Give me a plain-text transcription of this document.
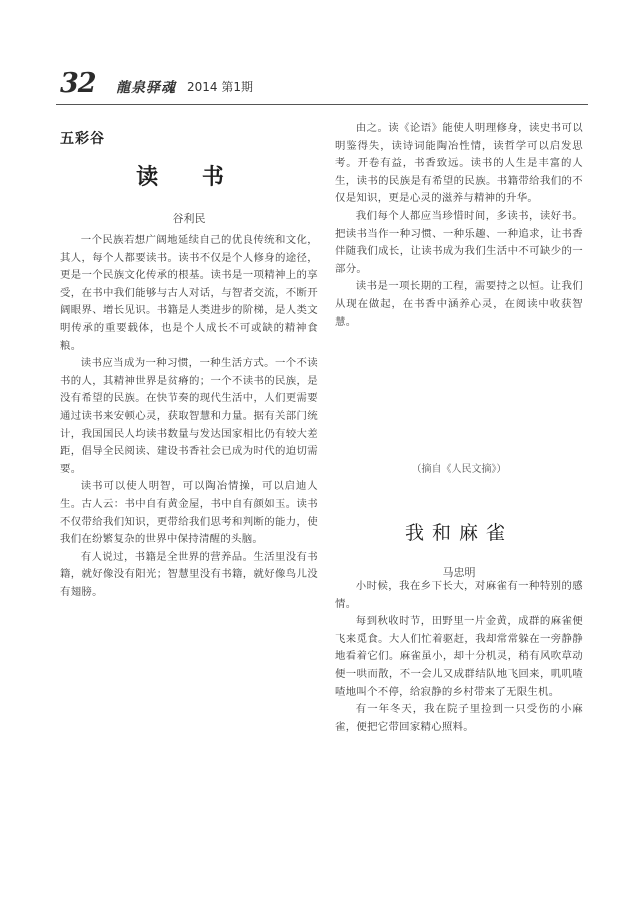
32 龍泉驿魂 2014 第1期
五彩谷
读 书
谷利民

一个民族若想广阔地延续自己的优良传统和文化，其人，每个人都要读书。读书不仅是个人修身的途径，更是一个民族文化传承的根基。读书是一项精神上的享受，在书中我们能够与古人对话，与智者交流，不断开阔眼界、增长见识。书籍是人类进步的阶梯，是人类文明传承的重要载体，也是个人成长不可或缺的精神食粮。

读书应当成为一种习惯，一种生活方式。一个不读书的人，其精神世界是贫瘠的；一个不读书的民族，是没有希望的民族。在快节奏的现代生活中，人们更需要通过读书来安顿心灵，获取智慧和力量。据有关部门统计，我国国民人均读书数量与发达国家相比仍有较大差距，倡导全民阅读、建设书香社会已成为时代的迫切需要。

读书可以使人明智，可以陶冶情操，可以启迪人生。古人云：书中自有黄金屋，书中自有颜如玉。读书不仅带给我们知识，更带给我们思考和判断的能力，使我们在纷繁复杂的世界中保持清醒的头脑。

有人说过，书籍是全世界的营养品。生活里没有书籍，就好像没有阳光；智慧里没有书籍，就好像鸟儿没有翅膀。

由之。读《论语》能使人明理修身，读史书可以明鉴得失，读诗词能陶冶性情，读哲学可以启发思考。开卷有益，书香致远。读书的人生是丰富的人生，读书的民族是有希望的民族。书籍带给我们的不仅是知识，更是心灵的滋养与精神的升华。

我们每个人都应当珍惜时间，多读书，读好书。把读书当作一种习惯、一种乐趣、一种追求，让书香伴随我们成长，让读书成为我们生活中不可缺少的一部分。

读书是一项长期的工程，需要持之以恒。让我们从现在做起，在书香中涵养心灵，在阅读中收获智慧。

（摘自《人民文摘》）
我和麻雀
马忠明

小时候，我在乡下长大，对麻雀有一种特别的感情。

每到秋收时节，田野里一片金黄，成群的麻雀便飞来觅食。大人们忙着驱赶，我却常常躲在一旁静静地看着它们。麻雀虽小，却十分机灵，稍有风吹草动便一哄而散，不一会儿又成群结队地飞回来，叽叽喳喳地叫个不停，给寂静的乡村带来了无限生机。

有一年冬天，我在院子里捡到一只受伤的小麻雀，便把它带回家精心照料。
